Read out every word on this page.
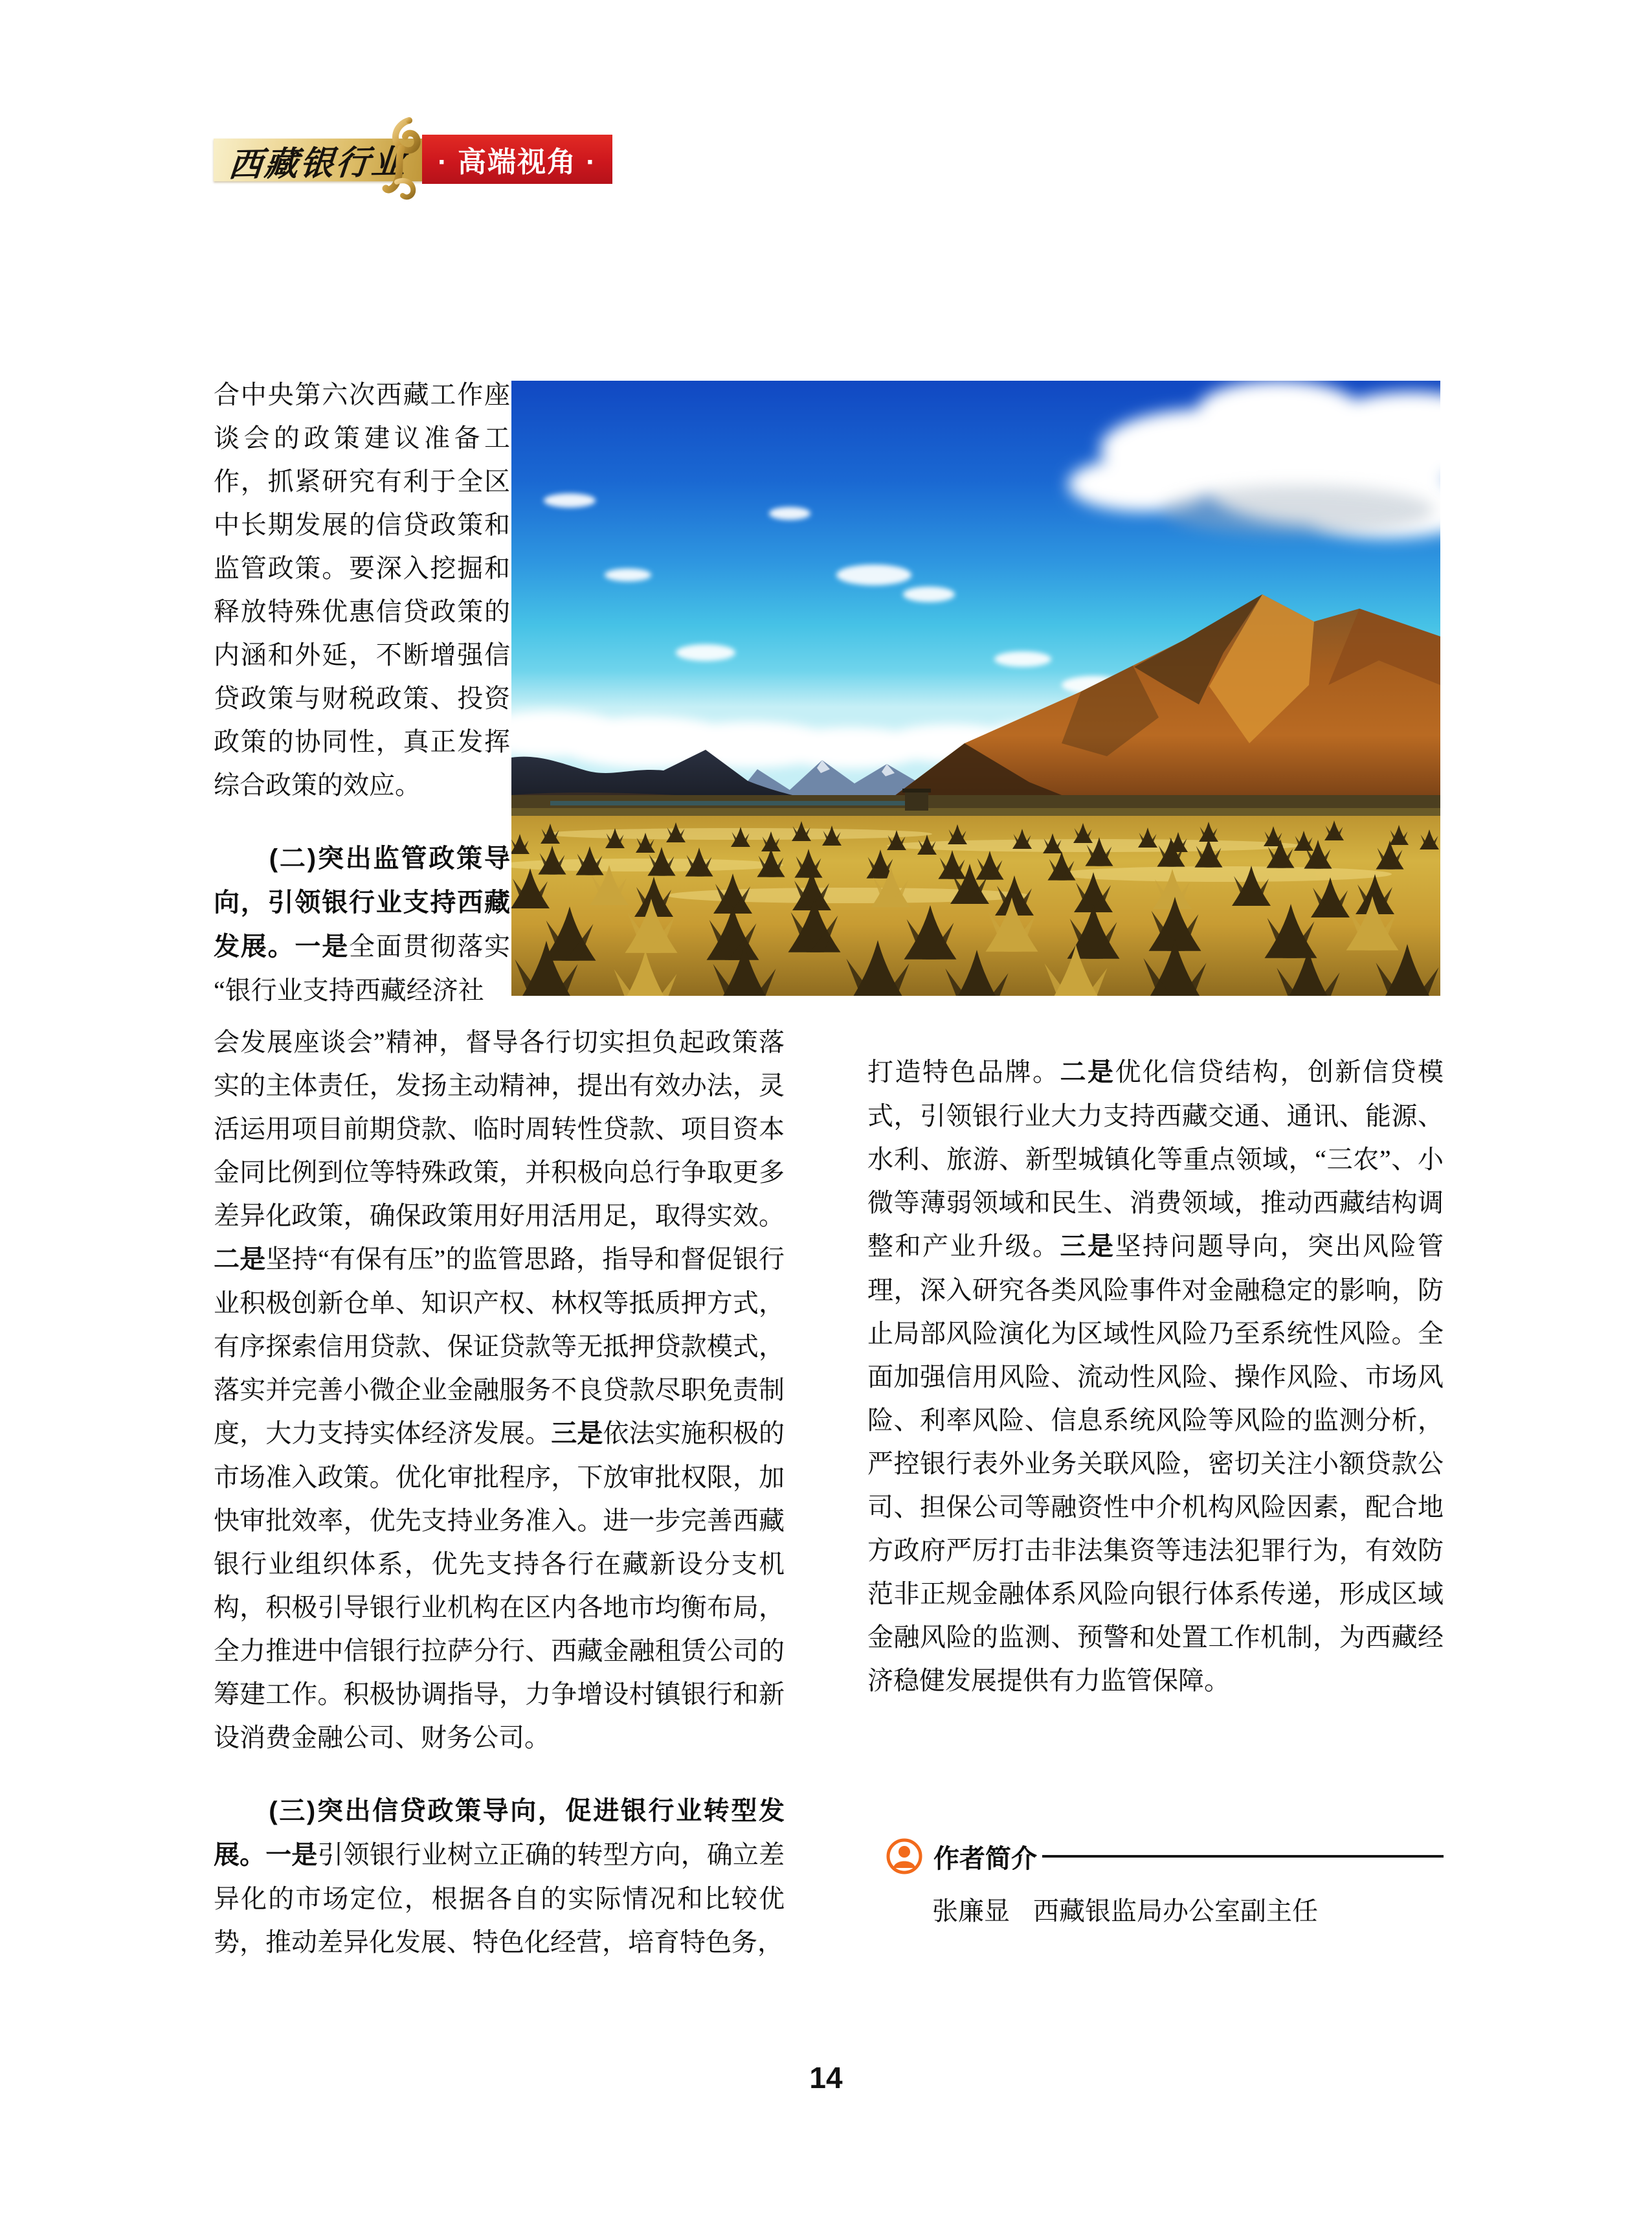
西藏银行业 · 高端视角 ·

合中央第六次西藏工作座谈会的政策建议准备工作，抓紧研究有利于全区中长期发展的信贷政策和监管政策。要深入挖掘和释放特殊优惠信贷政策的内涵和外延，不断增强信贷政策与财税政策、投资政策的协同性，真正发挥综合政策的效应。

　　(二)突出监管政策导向，引领银行业支持西藏发展。一是全面贯彻落实“银行业支持西藏经济社

会发展座谈会”精神，督导各行切实担负起政策落实的主体责任，发扬主动精神，提出有效办法，灵活运用项目前期贷款、临时周转性贷款、项目资本金同比例到位等特殊政策，并积极向总行争取更多差异化政策，确保政策用好用活用足，取得实效。二是坚持“有保有压”的监管思路，指导和督促银行业积极创新仓单、知识产权、林权等抵质押方式，有序探索信用贷款、保证贷款等无抵押贷款模式，落实并完善小微企业金融服务不良贷款尽职免责制度，大力支持实体经济发展。三是依法实施积极的市场准入政策。优化审批程序，下放审批权限，加快审批效率，优先支持业务准入。进一步完善西藏银行业组织体系，优先支持各行在藏新设分支机构，积极引导银行业机构在区内各地市均衡布局，全力推进中信银行拉萨分行、西藏金融租赁公司的筹建工作。积极协调指导，力争增设村镇银行和新设消费金融公司、财务公司。

　　(三)突出信贷政策导向，促进银行业转型发展。一是引领银行业树立正确的转型方向，确立差异化的市场定位，根据各自的实际情况和比较优势，推动差异化发展、特色化经营，培育特色务，

打造特色品牌。二是优化信贷结构，创新信贷模式，引领银行业大力支持西藏交通、通讯、能源、水利、旅游、新型城镇化等重点领域，“三农”、小微等薄弱领域和民生、消费领域，推动西藏结构调整和产业升级。三是坚持问题导向，突出风险管理，深入研究各类风险事件对金融稳定的影响，防止局部风险演化为区域性风险乃至系统性风险。全面加强信用风险、流动性风险、操作风险、市场风险、利率风险、信息系统风险等风险的监测分析，严控银行表外业务关联风险，密切关注小额贷款公司、担保公司等融资性中介机构风险因素，配合地方政府严厉打击非法集资等违法犯罪行为，有效防范非正规金融体系风险向银行体系传递，形成区域金融风险的监测、预警和处置工作机制，为西藏经济稳健发展提供有力监管保障。

作者简介
张廉显 西藏银监局办公室副主任
14
